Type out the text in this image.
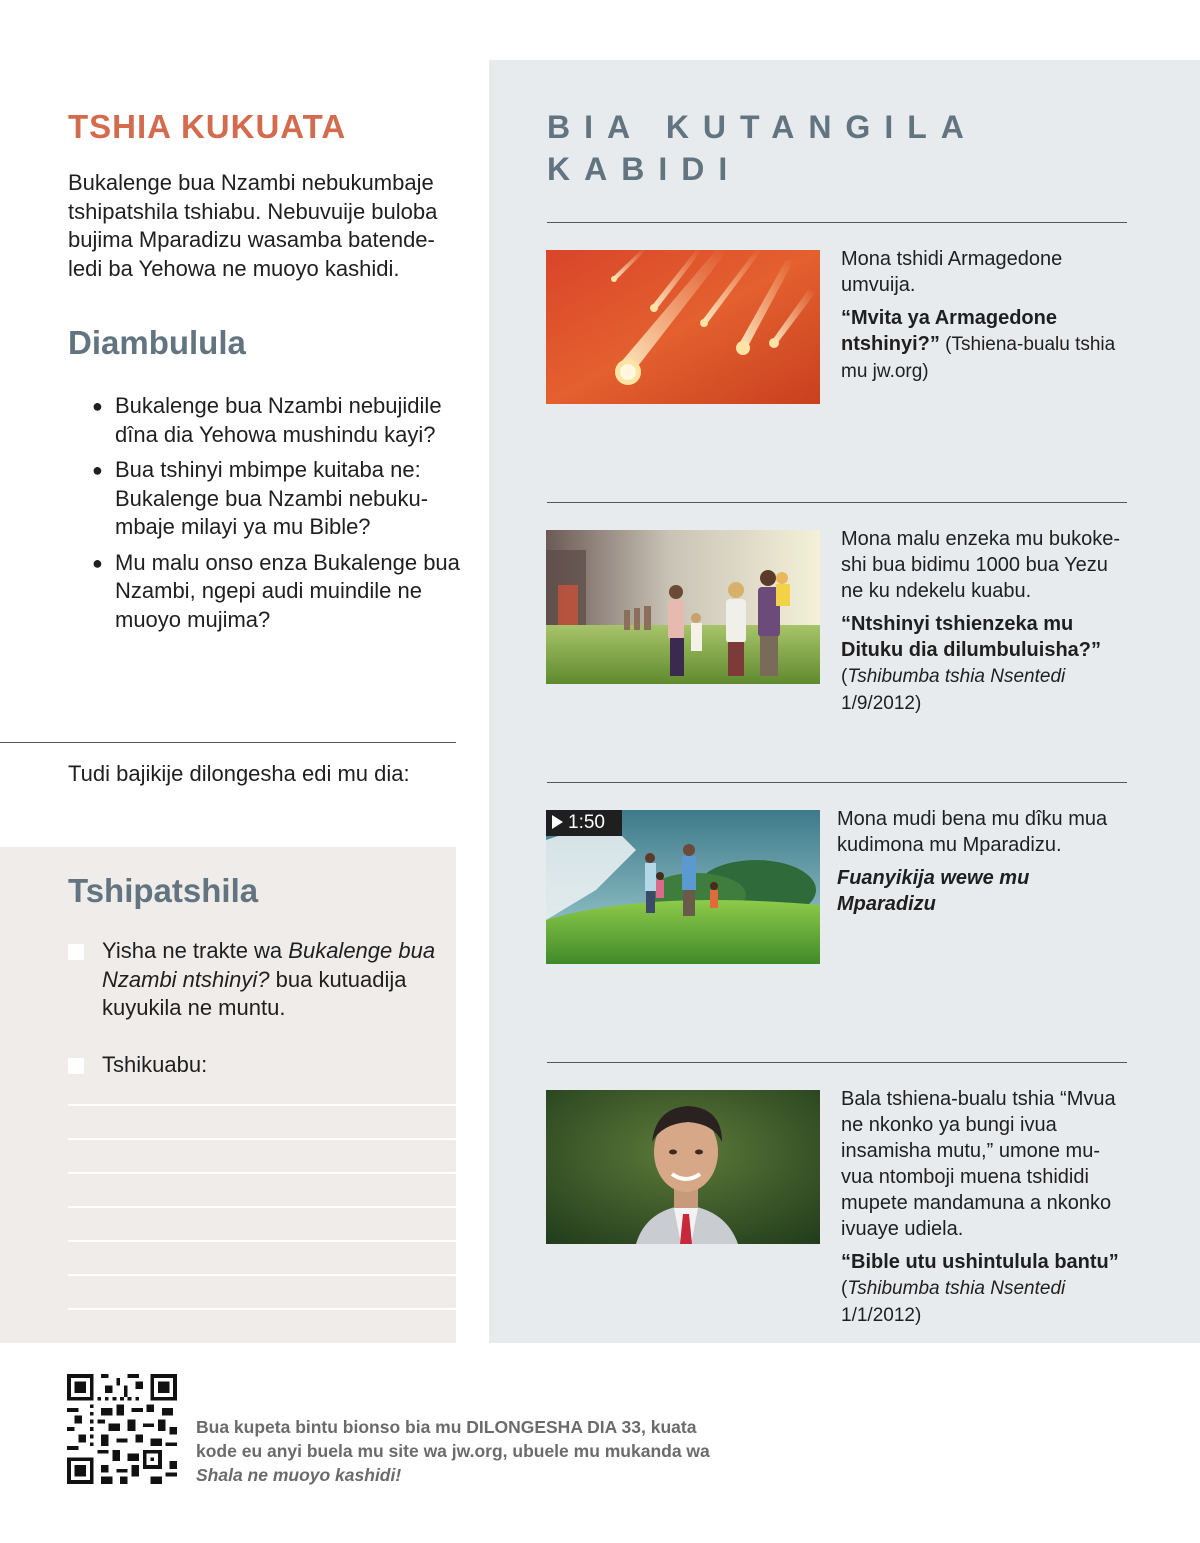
TSHIA KUKUATA

Bukalenge bua Nzambi nebukumbaje tshipatshila tshiabu. Nebuvuije buloba bujima Mparadizu wasamba batende- ledi ba Yehowa ne muoyo kashidi.

Diambulula
● Bukalenge bua Nzambi nebujidile dîna dia Yehowa mushindu kayi?
● Bua tshinyi mbimpe kuitaba ne: Bukalenge bua Nzambi nebuku- mbaje milayi ya mu Bible?
● Mu malu onso enza Bukalenge bua Nzambi, ngepi audi muindile ne muoyo mujima?

Tudi bajikije dilongesha edi mu dia:

Tshipatshila
Yisha ne trakte wa Bukalenge bua Nzambi ntshinyi? bua kutuadija kuyukila ne muntu.
Tshikuabu:
BIA KUTANGILA KABIDI
Mona tshidi Armagedone umvuija.
“Mvita ya Armagedone ntshinyi?” (Tshiena-bualu tshia mu jw.org)
Mona malu enzeka mu bukoke- shi bua bidimu 1000 bua Yezu ne ku ndekelu kuabu.
“Ntshinyi tshienzeka mu Dituku dia dilumbuluisha?” (Tshibumba tshia Nsentedi 1/9/2012)
1:50	Mona mudi bena mu dîku mua kudimona mu Mparadizu.
Fuanyikija wewe mu Mparadizu
Bala tshiena-bualu tshia “Mvua ne nkonko ya bungi ivua insamisha mutu,” umone mu- vua ntomboji muena tshididi mupete mandamuna a nkonko ivuaye udiela.
“Bible utu ushintulula bantu” (Tshibumba tshia Nsentedi 1/1/2012)

Bua kupeta bintu bionso bia mu DILONGESHA DIA 33, kuata kode eu anyi buela mu site wa jw.org, ubuele mu mukanda wa Shala ne muoyo kashidi!
